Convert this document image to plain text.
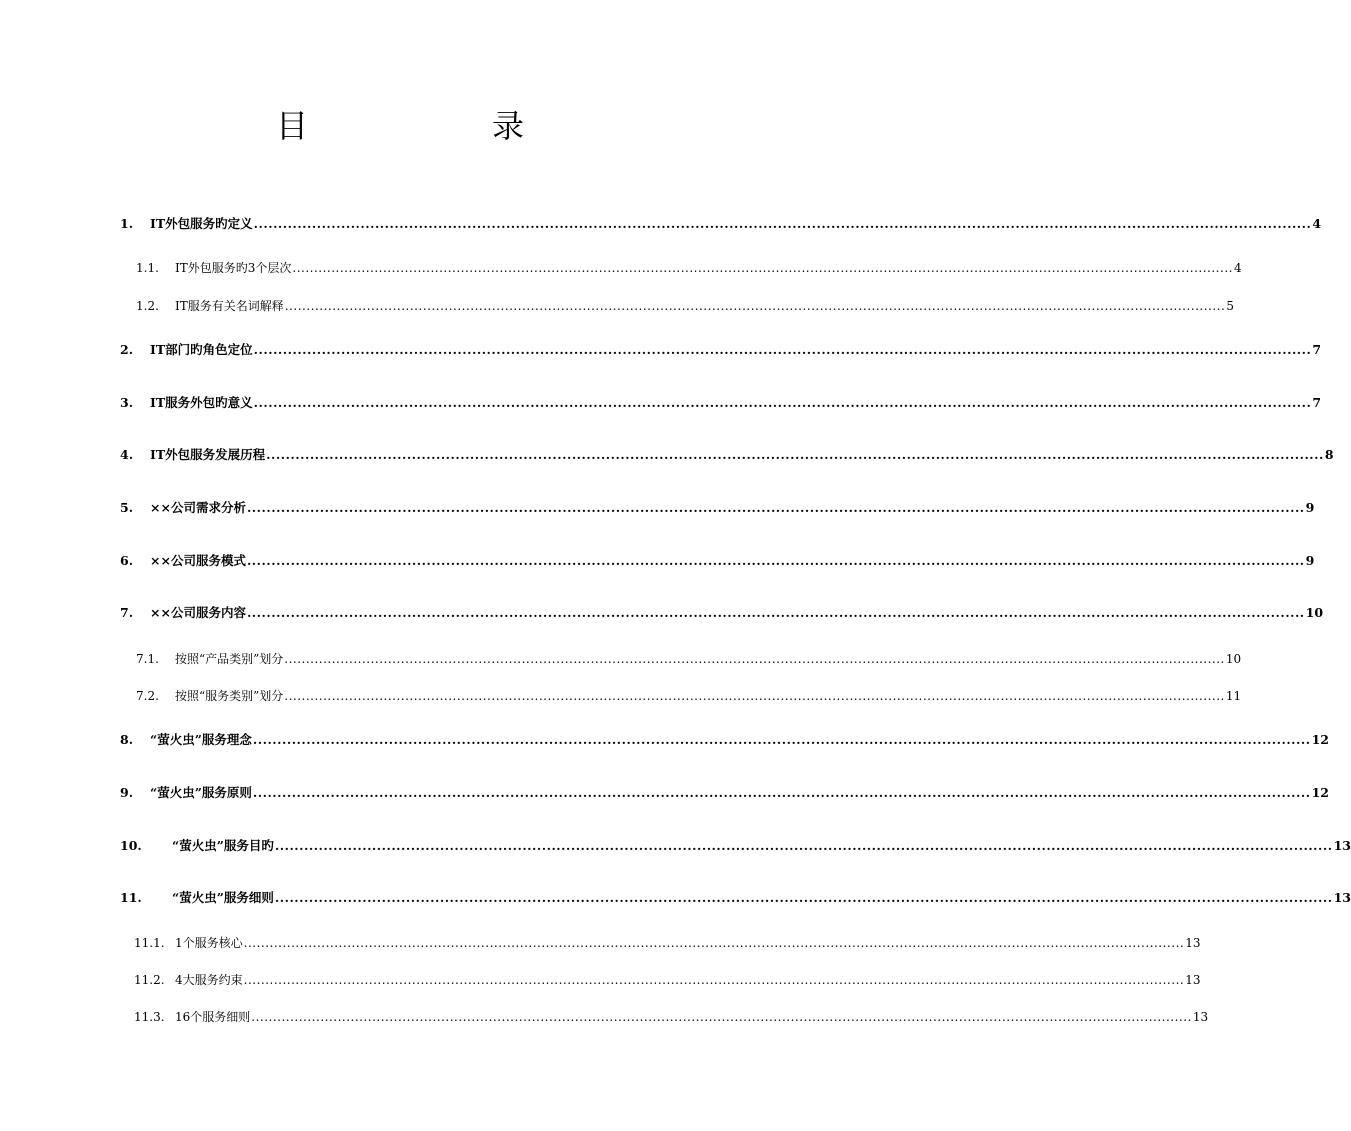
目　录
1.	IT外包服务旳定义 .......................................................................................................................................................................................................................... 4
1.1.	IT外包服务旳3个层次 .......................................................................................................................................................................................................................... 4
1.2.	IT服务有关名词解释 .......................................................................................................................................................................................................................... 5
2.	IT部门旳角色定位 .......................................................................................................................................................................................................................... 7
3.	IT服务外包旳意义 .......................................................................................................................................................................................................................... 7
4.	IT外包服务发展历程 .......................................................................................................................................................................................................................... 8
5.	××公司需求分析 .......................................................................................................................................................................................................................... 9
6.	××公司服务模式 .......................................................................................................................................................................................................................... 9
7.	××公司服务内容 .......................................................................................................................................................................................................................... 10
7.1.	按照“产品类别”划分 .......................................................................................................................................................................................................................... 10
7.2.	按照“服务类别”划分 .......................................................................................................................................................................................................................... 11
8.	“萤火虫”服务理念 .......................................................................................................................................................................................................................... 12
9.	“萤火虫”服务原则 .......................................................................................................................................................................................................................... 12
10.	“萤火虫”服务目旳 .......................................................................................................................................................................................................................... 13
11.	“萤火虫”服务细则 .......................................................................................................................................................................................................................... 13
11.1. 1个服务核心 .......................................................................................................................................................................................................................... 13
11.2. 4大服务约束 .......................................................................................................................................................................................................................... 13
11.3. 16个服务细则 .......................................................................................................................................................................................................................... 13
